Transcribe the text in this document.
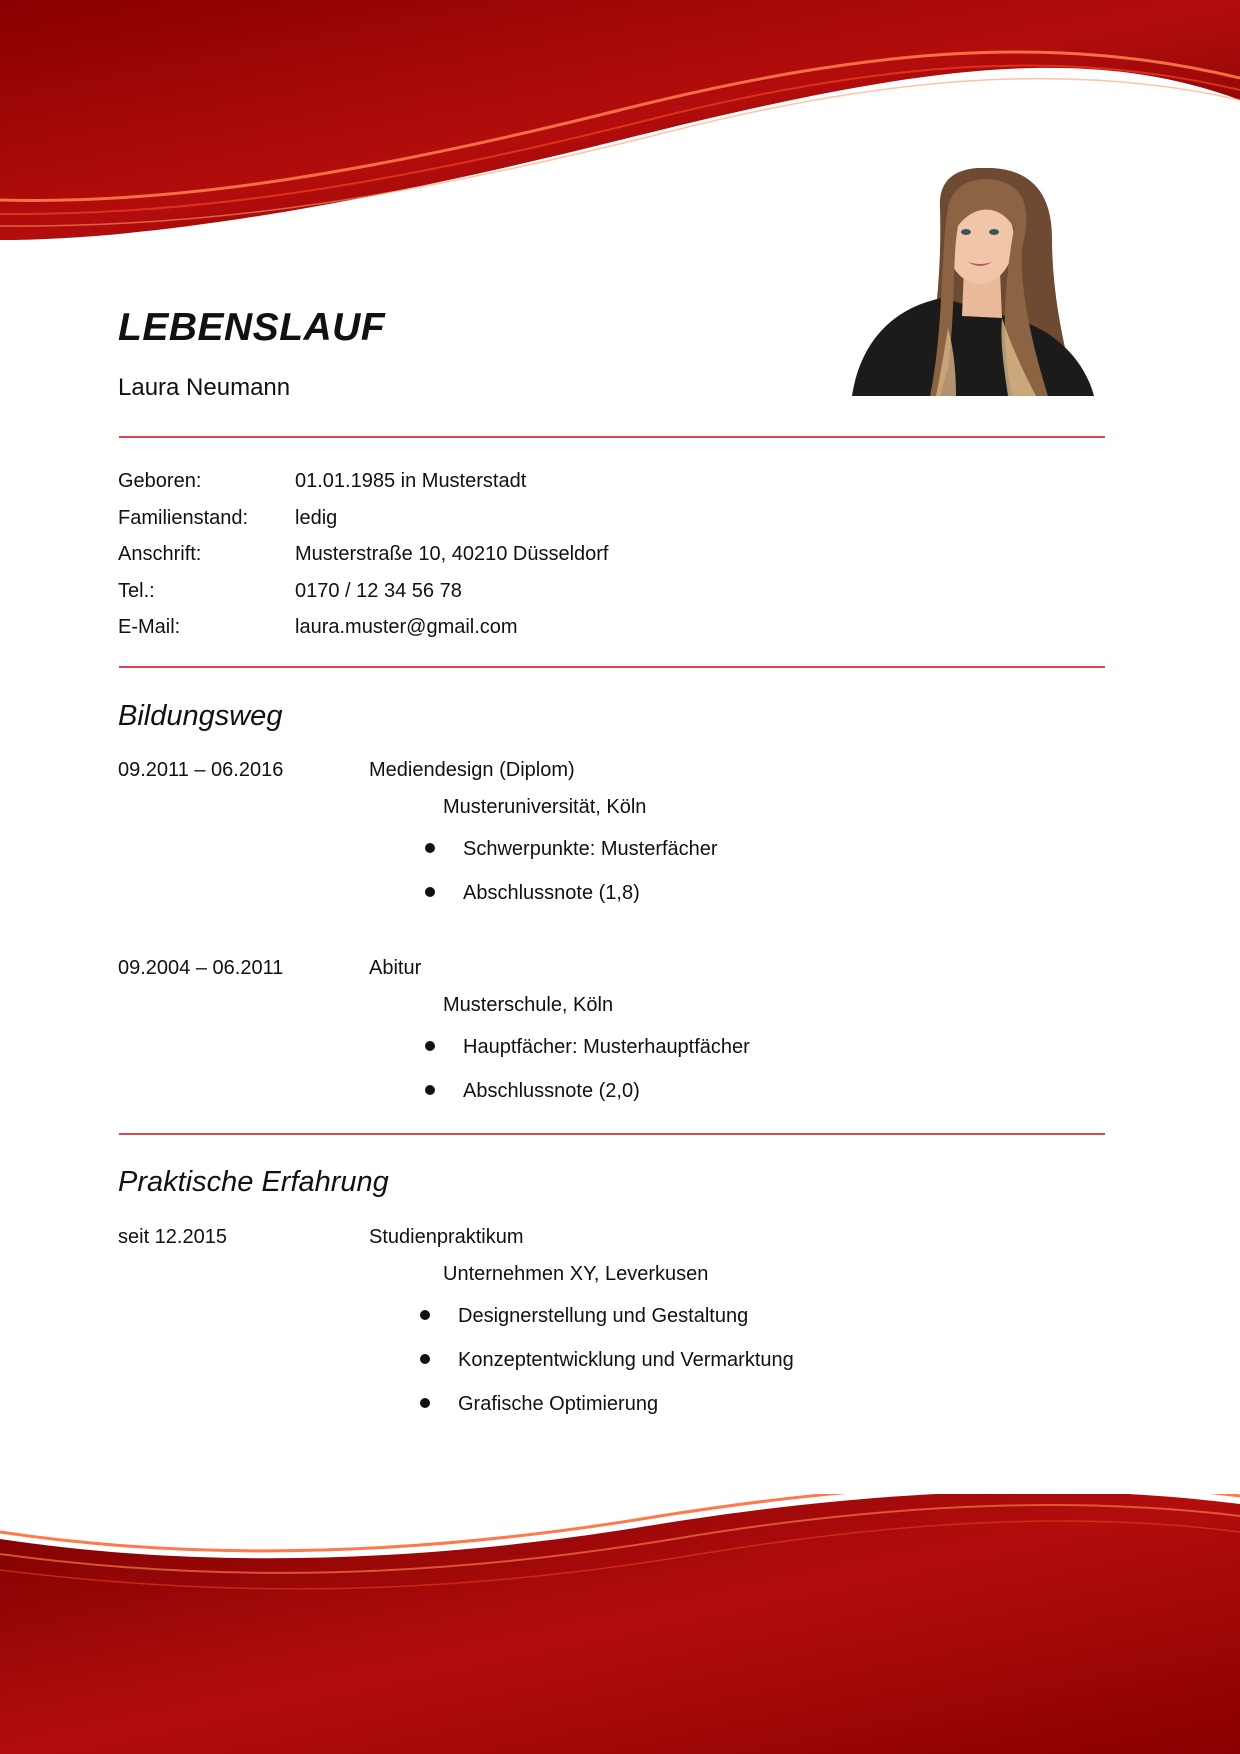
LEBENSLAUF
Laura Neumann
Geboren:	01.01.1985 in Musterstadt
Familienstand:	ledig
Anschrift:	Musterstraße 10, 40210 Düsseldorf
Tel.:	0170 / 12 34 56 78
E-Mail:	laura.muster@gmail.com
Bildungsweg
09.2011 – 06.2016	Mediendesign (Diplom)
Musteruniversität, Köln
Schwerpunkte: Musterfächer
Abschlussnote (1,8)
09.2004 – 06.2011	Abitur
Musterschule, Köln
Hauptfächer: Musterhauptfächer
Abschlussnote (2,0)
Praktische Erfahrung
seit 12.2015	Studienpraktikum
Unternehmen XY, Leverkusen
Designerstellung und Gestaltung
Konzeptentwicklung und Vermarktung
Grafische Optimierung
